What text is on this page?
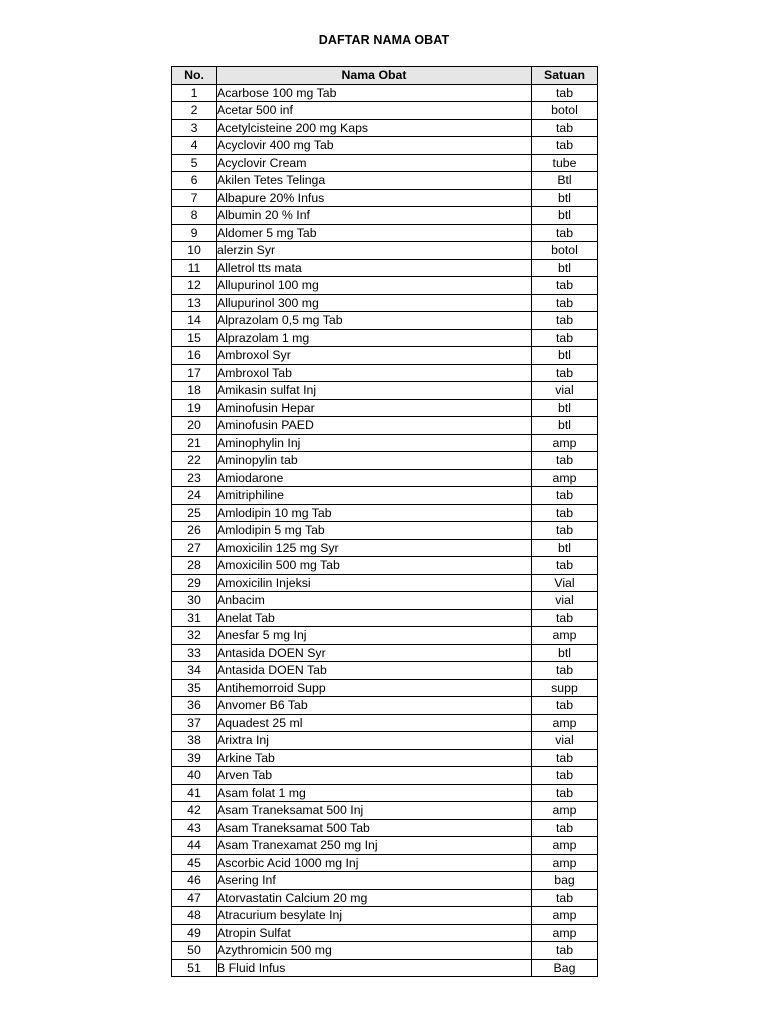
DAFTAR NAMA OBAT
No.	Nama Obat	Satuan
1	Acarbose 100 mg Tab	tab
2	Acetar 500 inf	botol
3	Acetylcisteine 200 mg Kaps	tab
4	Acyclovir 400 mg Tab	tab
5	Acyclovir Cream	tube
6	Akilen Tetes Telinga	Btl
7	Albapure 20% Infus	btl
8	Albumin 20 % Inf	btl
9	Aldomer 5 mg Tab	tab
10	alerzin Syr	botol
11	Alletrol tts mata	btl
12	Allupurinol 100 mg	tab
13	Allupurinol 300 mg	tab
14	Alprazolam 0,5 mg Tab	tab
15	Alprazolam 1 mg	tab
16	Ambroxol Syr	btl
17	Ambroxol Tab	tab
18	Amikasin sulfat Inj	vial
19	Aminofusin Hepar	btl
20	Aminofusin PAED	btl
21	Aminophylin Inj	amp
22	Aminopylin tab	tab
23	Amiodarone	amp
24	Amitriphiline	tab
25	Amlodipin 10 mg Tab	tab
26	Amlodipin 5 mg Tab	tab
27	Amoxicilin 125 mg Syr	btl
28	Amoxicilin 500 mg Tab	tab
29	Amoxicilin Injeksi	Vial
30	Anbacim	vial
31	Anelat Tab	tab
32	Anesfar 5 mg Inj	amp
33	Antasida DOEN Syr	btl
34	Antasida DOEN Tab	tab
35	Antihemorroid Supp	supp
36	Anvomer B6 Tab	tab
37	Aquadest 25 ml	amp
38	Arixtra Inj	vial
39	Arkine Tab	tab
40	Arven Tab	tab
41	Asam folat 1 mg	tab
42	Asam Traneksamat 500 Inj	amp
43	Asam Traneksamat 500 Tab	tab
44	Asam Tranexamat 250 mg Inj	amp
45	Ascorbic Acid 1000 mg Inj	amp
46	Asering Inf	bag
47	Atorvastatin Calcium 20 mg	tab
48	Atracurium besylate Inj	amp
49	Atropin Sulfat	amp
50	Azythromicin 500 mg	tab
51	B Fluid Infus	Bag
